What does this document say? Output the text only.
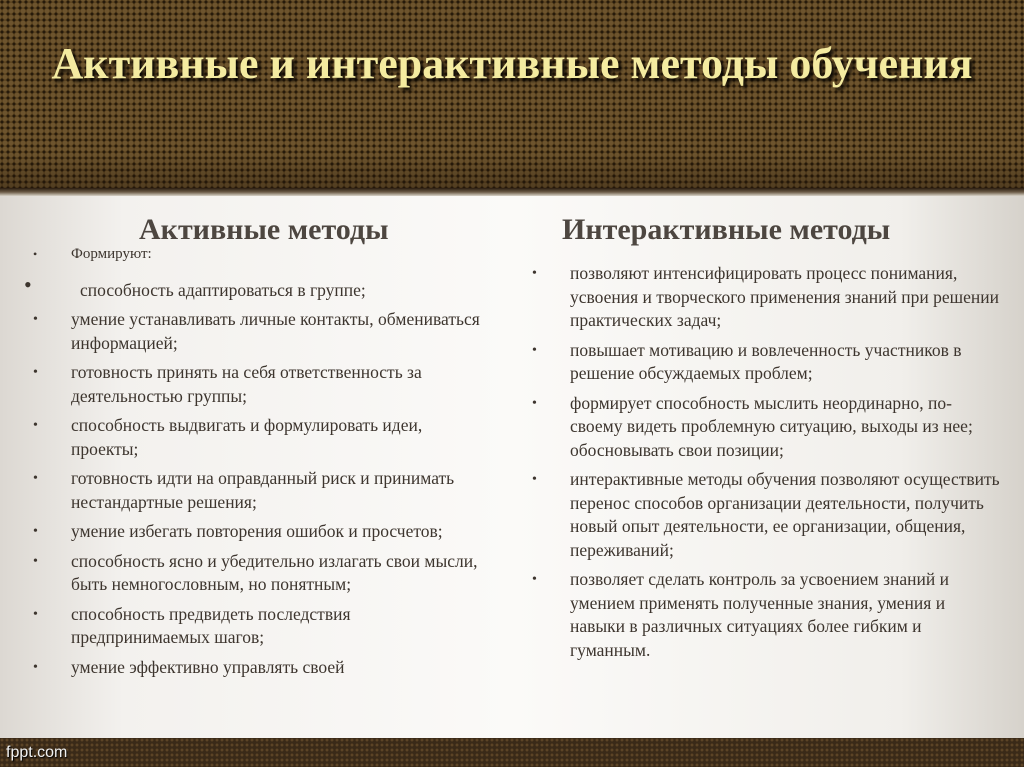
Активные и интерактивные методы обучения
Активные методы	Интерактивные методы
• Формируют:
•	способность адаптироваться в группе;
• умение устанавливать личные контакты, обмениваться информацией;
• готовность принять на себя ответственность за деятельностью группы;
• способность выдвигать и формулировать идеи, проекты;
• готовность идти на оправданный риск и принимать нестандартные решения;
• умение избегать повторения ошибок и просчетов;
• способность ясно и убедительно излагать свои мысли, быть немногословным, но понятным;
• способность предвидеть последствия предпринимаемых шагов;
• умение эффективно управлять своей
• позволяют интенсифицировать процесс понимания, усвоения и творческого применения знаний при решении практических задач;
• повышает мотивацию и вовлеченность участников в решение обсуждаемых проблем;
• формирует способность мыслить неординарно, по-своему видеть проблемную ситуацию, выходы из нее; обосновывать свои позиции;
• интерактивные методы обучения позволяют осуществить перенос способов организации деятельности, получить новый опыт деятельности, ее организации, общения, переживаний;
• позволяет сделать контроль за усвоением знаний и умением применять полученные знания, умения и навыки в различных ситуациях более гибким и гуманным.
fppt.com
